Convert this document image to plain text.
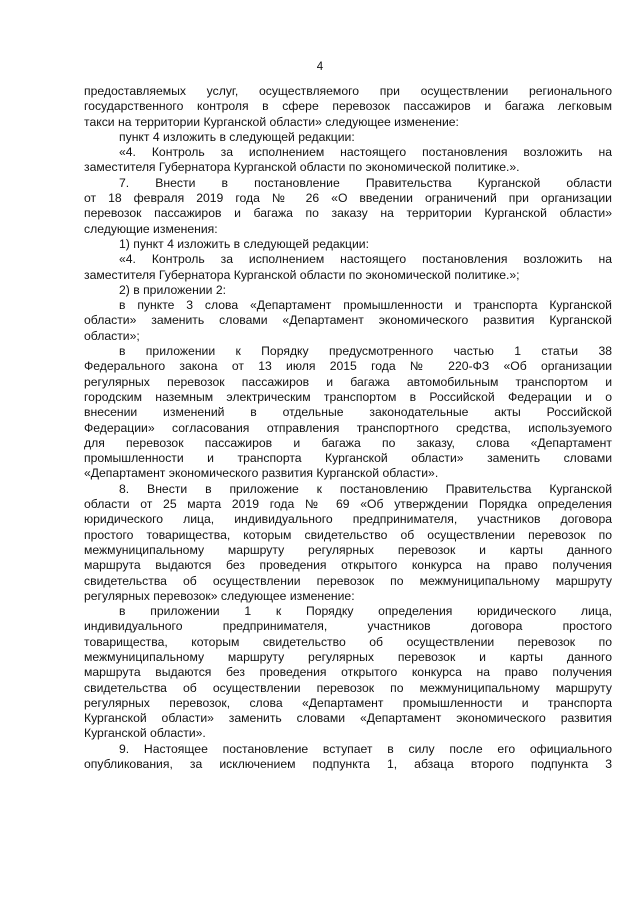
4
предоставляемых услуг, осуществляемого при осуществлении регионального
государственного контроля в сфере перевозок пассажиров и багажа легковым
такси на территории Курганской области» следующее изменение:
пункт 4 изложить в следующей редакции:
«4. Контроль за исполнением настоящего постановления возложить на
заместителя Губернатора Курганской области по экономической политике.».
7. Внести в постановление Правительства Курганской области
от 18 февраля 2019 года № 26 «О введении ограничений при организации
перевозок пассажиров и багажа по заказу на территории Курганской области»
следующие изменения:
1) пункт 4 изложить в следующей редакции:
«4. Контроль за исполнением настоящего постановления возложить на
заместителя Губернатора Курганской области по экономической политике.»;
2) в приложении 2:
в пункте 3 слова «Департамент промышленности и транспорта Курганской
области» заменить словами «Департамент экономического развития Курганской
области»;
в приложении к Порядку предусмотренного частью 1 статьи 38
Федерального закона от 13 июля 2015 года № 220-ФЗ «Об организации
регулярных перевозок пассажиров и багажа автомобильным транспортом и
городским наземным электрическим транспортом в Российской Федерации и о
внесении изменений в отдельные законодательные акты Российской
Федерации» согласования отправления транспортного средства, используемого
для перевозок пассажиров и багажа по заказу, слова «Департамент
промышленности и транспорта Курганской области» заменить словами
«Департамент экономического развития Курганской области».
8. Внести в приложение к постановлению Правительства Курганской
области от 25 марта 2019 года № 69 «Об утверждении Порядка определения
юридического лица, индивидуального предпринимателя, участников договора
простого товарищества, которым свидетельство об осуществлении перевозок по
межмуниципальному маршруту регулярных перевозок и карты данного
маршрута выдаются без проведения открытого конкурса на право получения
свидетельства об осуществлении перевозок по межмуниципальному маршруту
регулярных перевозок» следующее изменение:
в приложении 1 к Порядку определения юридического лица,
индивидуального предпринимателя, участников договора простого
товарищества, которым свидетельство об осуществлении перевозок по
межмуниципальному маршруту регулярных перевозок и карты данного
маршрута выдаются без проведения открытого конкурса на право получения
свидетельства об осуществлении перевозок по межмуниципальному маршруту
регулярных перевозок, слова «Департамент промышленности и транспорта
Курганской области» заменить словами «Департамент экономического развития
Курганской области».
9. Настоящее постановление вступает в силу после его официального
опубликования, за исключением подпункта 1, абзаца второго подпункта 3
